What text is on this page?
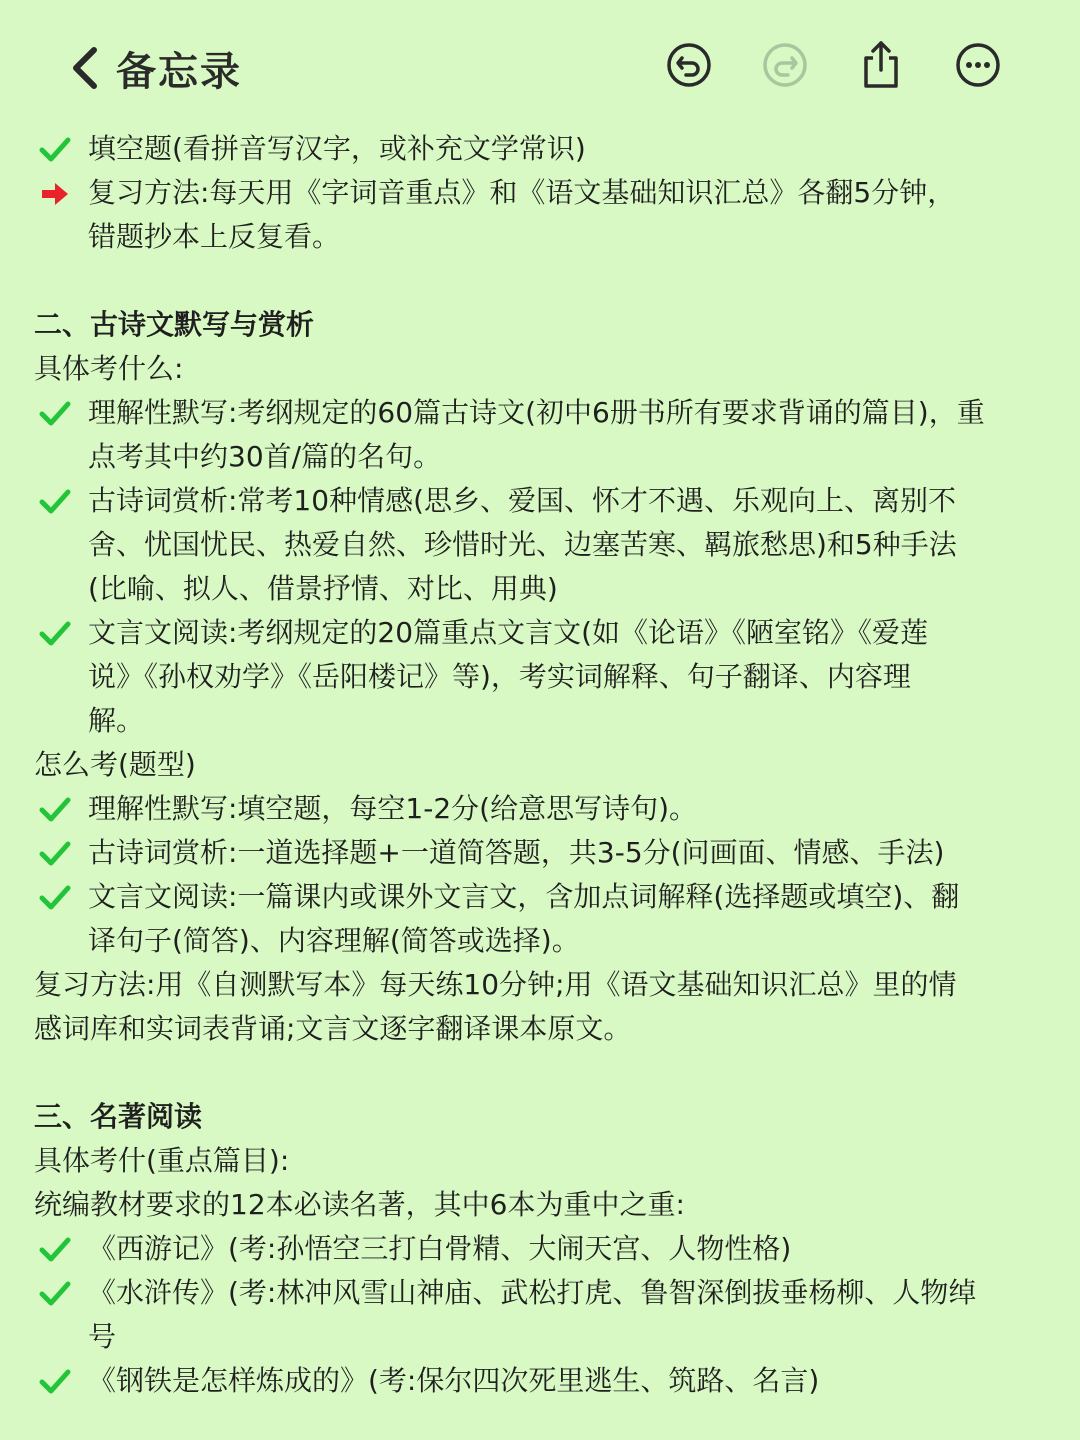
备忘录
填空题(看拼音写汉字，或补充文学常识)
复习方法:每天用《字词音重点》和《语文基础知识汇总》各翻5分钟，
错题抄本上反复看。
二、古诗文默写与赏析
具体考什么:
理解性默写:考纲规定的60篇古诗文(初中6册书所有要求背诵的篇目)，重
点考其中约30首/篇的名句。
古诗词赏析:常考10种情感(思乡、爱国、怀才不遇、乐观向上、离别不
舍、忧国忧民、热爱自然、珍惜时光、边塞苦寒、羁旅愁思)和5种手法
(比喻、拟人、借景抒情、对比、用典)
文言文阅读:考纲规定的20篇重点文言文(如《论语》《陋室铭》《爱莲
说》《孙权劝学》《岳阳楼记》等)，考实词解释、句子翻译、内容理
解。
怎么考(题型)
理解性默写:填空题，每空1-2分(给意思写诗句)。
古诗词赏析:一道选择题+一道简答题，共3-5分(问画面、情感、手法)
文言文阅读:一篇课内或课外文言文，含加点词解释(选择题或填空)、翻
译句子(简答)、内容理解(简答或选择)。
复习方法:用《自测默写本》每天练10分钟;用《语文基础知识汇总》里的情
感词库和实词表背诵;文言文逐字翻译课本原文。
三、名著阅读
具体考什(重点篇目):
统编教材要求的12本必读名著，其中6本为重中之重:
《西游记》(考:孙悟空三打白骨精、大闹天宫、人物性格)
《水浒传》(考:林冲风雪山神庙、武松打虎、鲁智深倒拔垂杨柳、人物绰
号
《钢铁是怎样炼成的》(考:保尔四次死里逃生、筑路、名言)
